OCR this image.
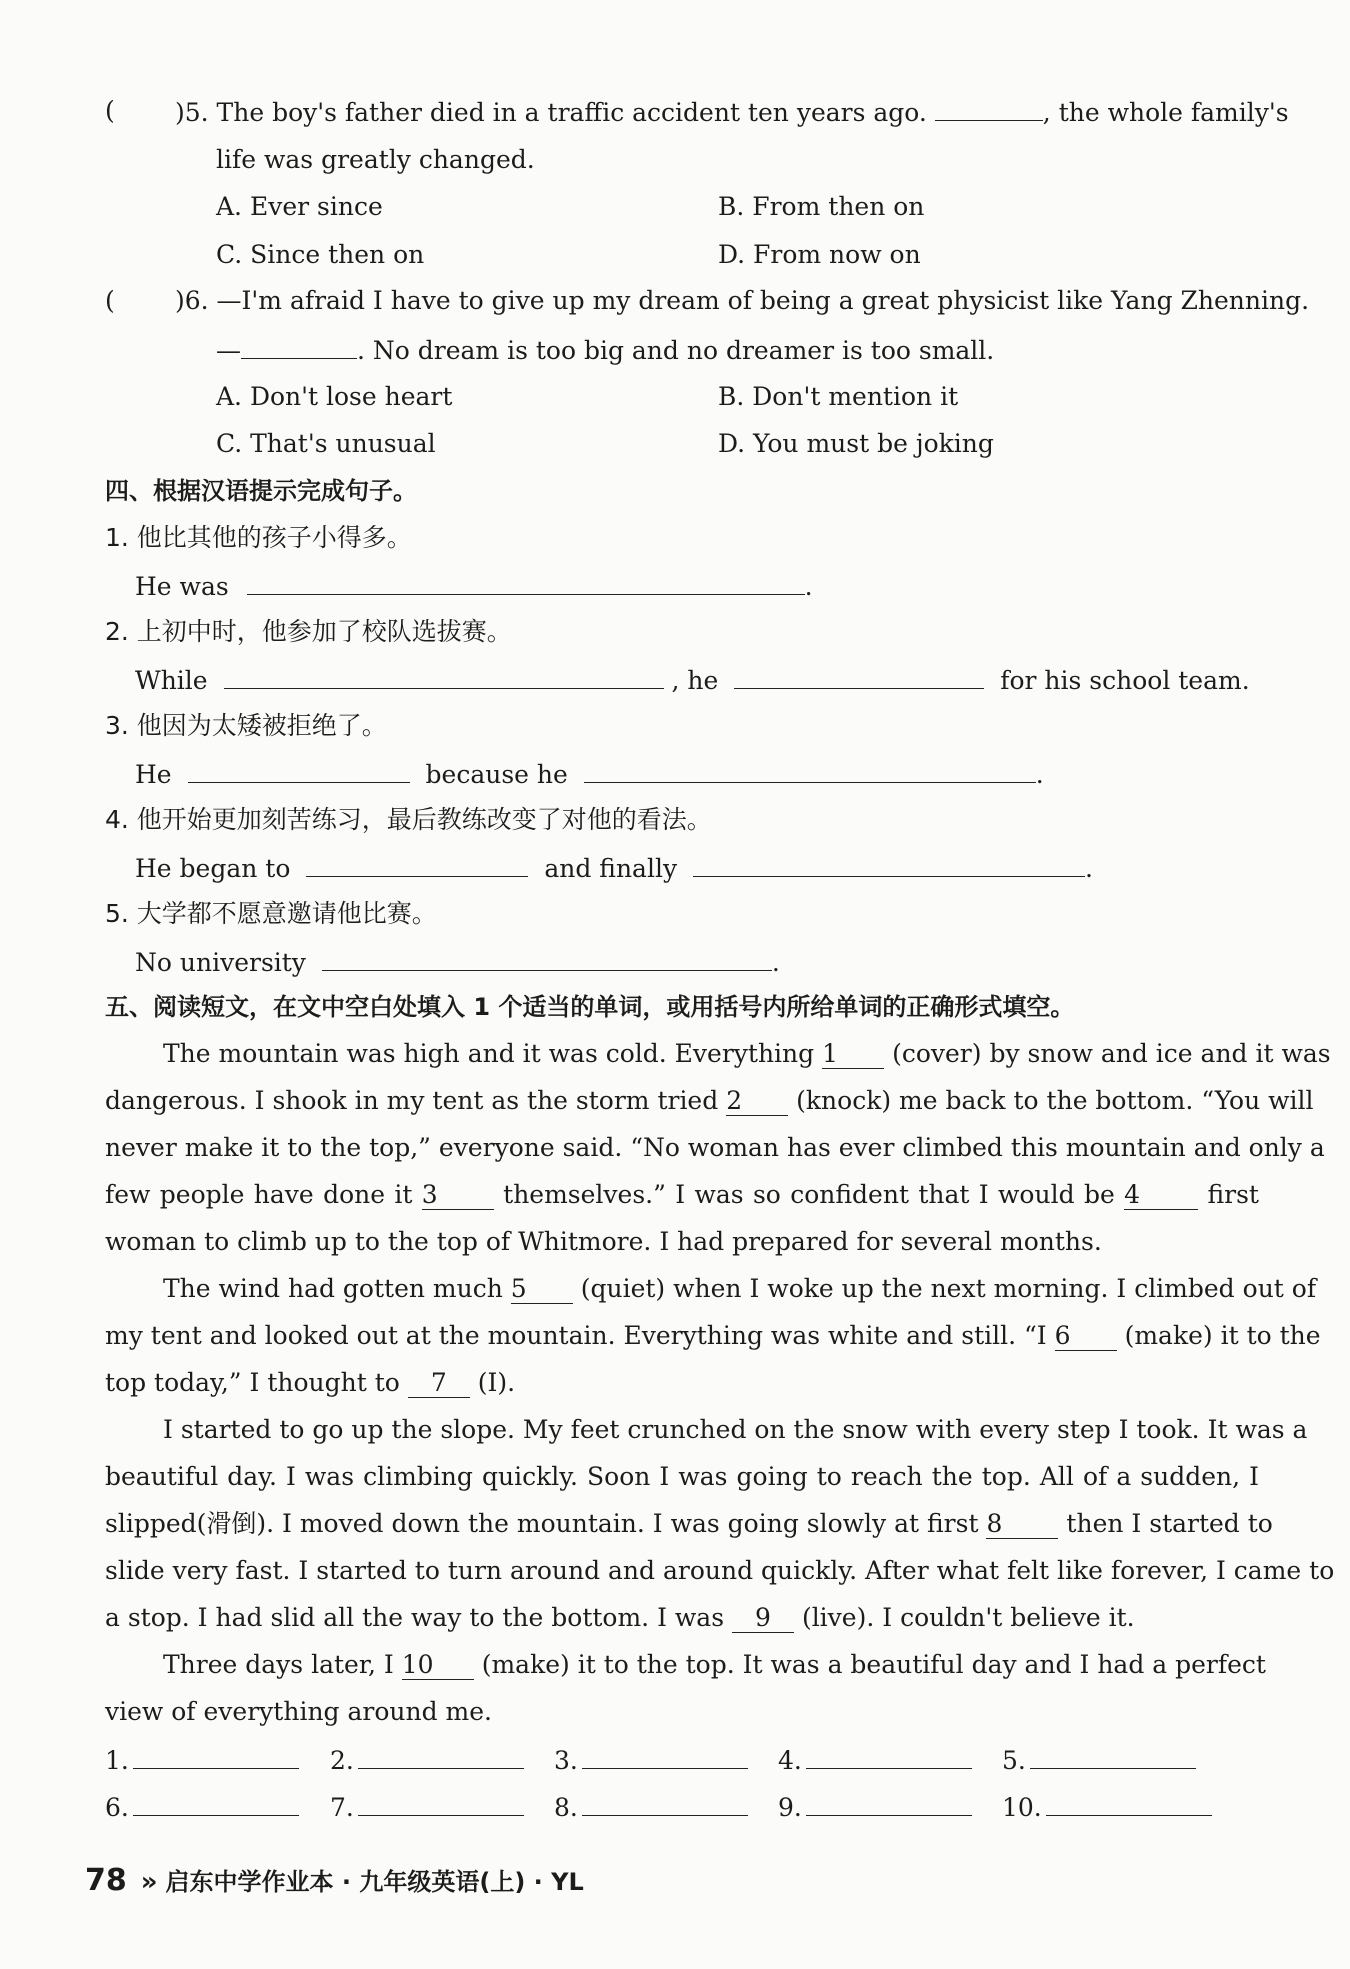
( )5. The boy's father died in a traffic accident ten years ago.	, the whole family's
life was greatly changed.
A. Ever since	B. From then on
C. Since then on	D. From now on
( )6. —I'm afraid I have to give up my dream of being a great physicist like Yang Zhenning.
—	. No dream is too big and no dreamer is too small.
A. Don't lose heart	B. Don't mention it
C. That's unusual	D. You must be joking
四、根据汉语提示完成句子。
1. 他比其他的孩子小得多。
He was	.
2. 上初中时，他参加了校队选拔赛。
While	, he	for his school team.
3. 他因为太矮被拒绝了。
He	because he	.
4. 他开始更加刻苦练习，最后教练改变了对他的看法。
He began to	and finally	.
5. 大学都不愿意邀请他比赛。
No university	.
五、阅读短文，在文中空白处填入 1 个适当的单词，或用括号内所给单词的正确形式填空。
The mountain was high and it was cold. Everything 1 (cover) by snow and ice and it was
dangerous. I shook in my tent as the storm tried 2 (knock) me back to the bottom. “You will
never make it to the top,” everyone said. “No woman has ever climbed this mountain and only a
few people have done it 3	themselves.” I was so confident that I would be 4	first
woman to climb up to the top of Whitmore. I had prepared for several months.
The wind had gotten much 5 (quiet) when I woke up the next morning. I climbed out of
my tent and looked out at the mountain. Everything was white and still. “I 6 (make) it to the
top today,” I thought to 7 (I).
I started to go up the slope. My feet crunched on the snow with every step I took. It was a
beautiful day. I was climbing quickly. Soon I was going to reach the top. All of a sudden, I
slipped(滑倒). I moved down the mountain. I was going slowly at first 8	then I started to
slide very fast. I started to turn around and around quickly. After what felt like forever, I came to
a stop. I had slid all the way to the bottom. I was 9 (live). I couldn't believe it.
Three days later, I 10 (make) it to the top. It was a beautiful day and I had a perfect
view of everything around me.
1.	2.	3.	4.	5.
6.	7.	8.	9.	10.
78 » 启东中学作业本 · 九年级英语(上) · YL
